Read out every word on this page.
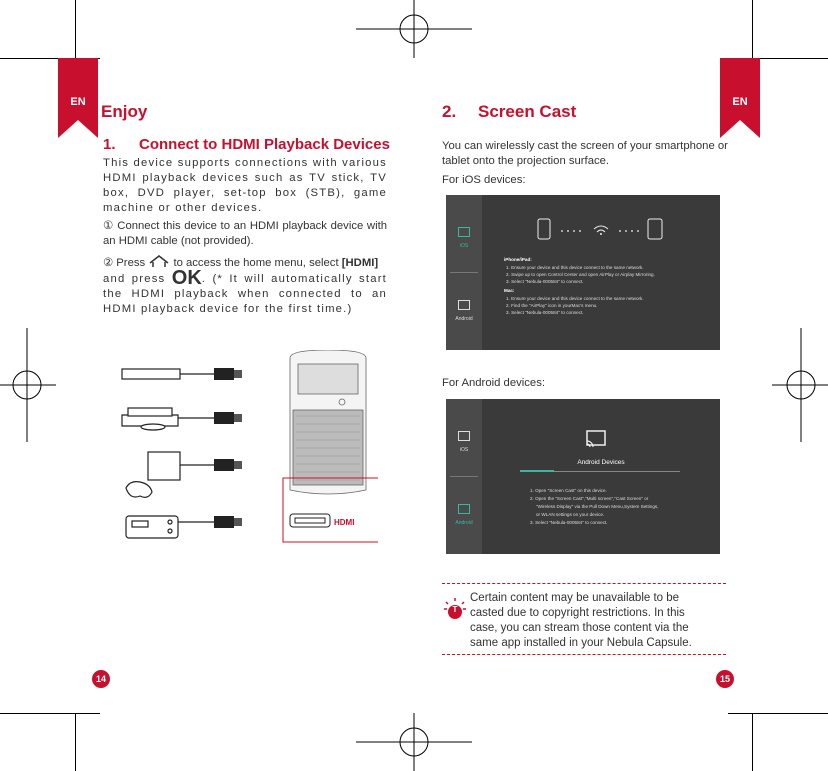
EN	EN
Enjoy
1. Connect to HDMI Playback Devices
This device supports connections with various HDMI playback devices such as TV stick, TV box, DVD player, set-top box (STB), game machine or other devices.
① Connect this device to an HDMI playback device with an HDMI cable (not provided).
② Press	to access the home menu, select [HDMI]
and press OK. (* It will automatically start the HDMI playback when connected to an HDMI playback device for the first time.)
HDMI
14
2. Screen Cast
You can wirelessly cast the screen of your smartphone or tablet onto the projection surface.
For iOS devices:
iOS
Android
iPhone/iPad:
1. Ensure your device and this device connect to the same network.
2. Swipe up to open Control Center and open AirPlay or Airplay Mirroring.
3. Select "Nebula-000584" to connect.
Mac:
1. Ensure your device and this device connect to the same network.
2. Find the "AirPlay" icon in yourMac's menu.
3. Select "Nebula-000584" to connect.
For Android devices:
iOS
Android
Android Devices
1. Open "Screen Cast" on this device.
2. Open the "Screen Cast","Multi screen","Cast Screen" or
"Wireless Display" via the Pull Down Menu,System Settings,
or WLAN settings on your device.
3. Select "Nebula-000584" to connect.
T
Certain content may be unavailable to be
casted due to copyright restrictions. In this
case, you can stream those content via the
same app installed in your Nebula Capsule.
15
